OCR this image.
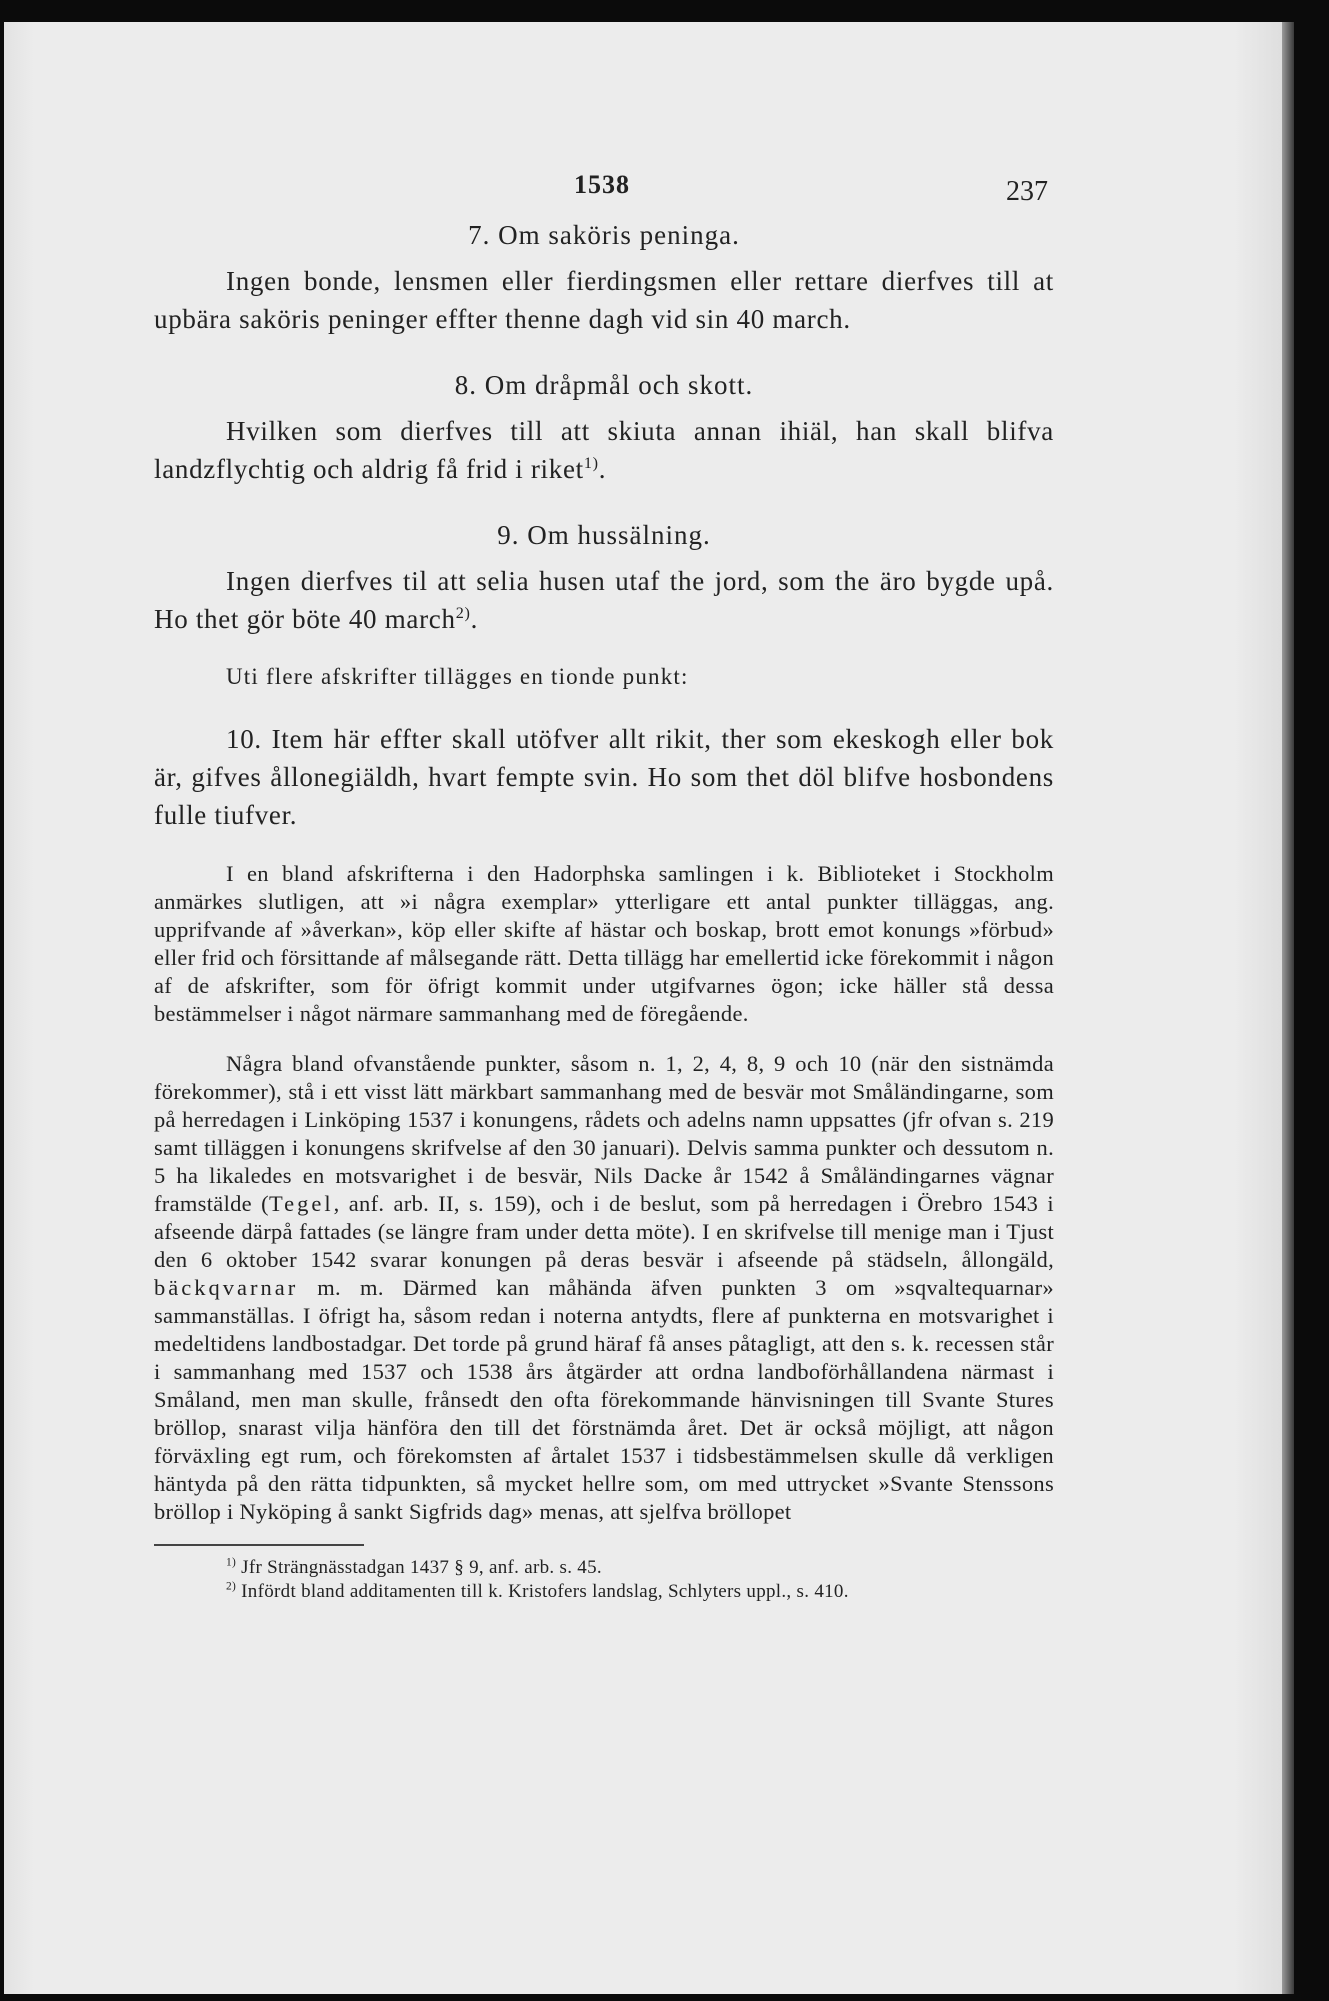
1538	237
7. Om saköris peninga.

Ingen bonde, lensmen eller fierdingsmen eller rettare dierfves till at upbära saköris peninger effter thenne dagh vid sin 40 march.

8. Om dråpmål och skott.

Hvilken som dierfves till att skiuta annan ihiäl, han skall blifva landzflychtig och aldrig få frid i riket$^{1)}$.

9. Om hussälning.

Ingen dierfves til att selia husen utaf the jord, som the äro bygde upå. Ho thet gör böte 40 march$^{2)}$.

Uti flere afskrifter tillägges en tionde punkt:

10. Item här effter skall utöfver allt rikit, ther som ekeskogh eller bok är, gifves ållonegiäldh, hvart fempte svin. Ho som thet döl blifve hosbondens fulle tiufver.

I en bland afskrifterna i den Hadorphska samlingen i k. Biblioteket i Stockholm anmärkes slutligen, att »i några exemplar» ytterligare ett antal punkter tilläggas, ang. upprifvande af »åverkan», köp eller skifte af hästar och boskap, brott emot konungs »förbud» eller frid och försittande af målsegande rätt. Detta tillägg har emellertid icke förekommit i någon af de afskrifter, som för öfrigt kommit under utgifvarnes ögon; icke häller stå dessa bestämmelser i något närmare sammanhang med de föregående.

Några bland ofvanstående punkter, såsom n. 1, 2, 4, 8, 9 och 10 (när den sistnämda förekommer), stå i ett visst lätt märkbart sammanhang med de besvär mot Småländingarne, som på herredagen i Linköping 1537 i konungens, rådets och adelns namn uppsattes (jfr ofvan s. 219 samt tilläggen i konungens skrifvelse af den 30 januari). Delvis samma punkter och dessutom n. 5 ha likaledes en motsvarighet i de besvär, Nils Dacke år 1542 å Småländingarnes vägnar framstälde (Tegel, anf. arb. II, s. 159), och i de beslut, som på herredagen i Örebro 1543 i afseende därpå fattades (se längre fram under detta möte). I en skrifvelse till menige man i Tjust den 6 oktober 1542 svarar konungen på deras besvär i afseende på städseln, ållongäld, bäckqvarnar m. m. Därmed kan måhända äfven punkten 3 om »sqvaltequarnar» sammanställas. I öfrigt ha, såsom redan i noterna antydts, flere af punkterna en motsvarighet i medeltidens landbostadgar. Det torde på grund häraf få anses påtagligt, att den s. k. recessen står i sammanhang med 1537 och 1538 års åtgärder att ordna landboförhållandena närmast i Småland, men man skulle, frånsedt den ofta förekommande hänvisningen till Svante Stures bröllop, snarast vilja hänföra den till det förstnämda året. Det är också möjligt, att någon förväxling egt rum, och förekomsten af årtalet 1537 i tidsbestämmelsen skulle då verkligen häntyda på den rätta tidpunkten, så mycket hellre som, om med uttrycket »Svante Stenssons bröllop i Nyköping å sankt Sigfrids dag» menas, att sjelfva bröllopet

$^{1)}$ Jfr Strängnässtadgan 1437 § 9, anf. arb. s. 45.

$^{2)}$ Infördt bland additamenten till k. Kristofers landslag, Schlyters uppl., s. 410.
